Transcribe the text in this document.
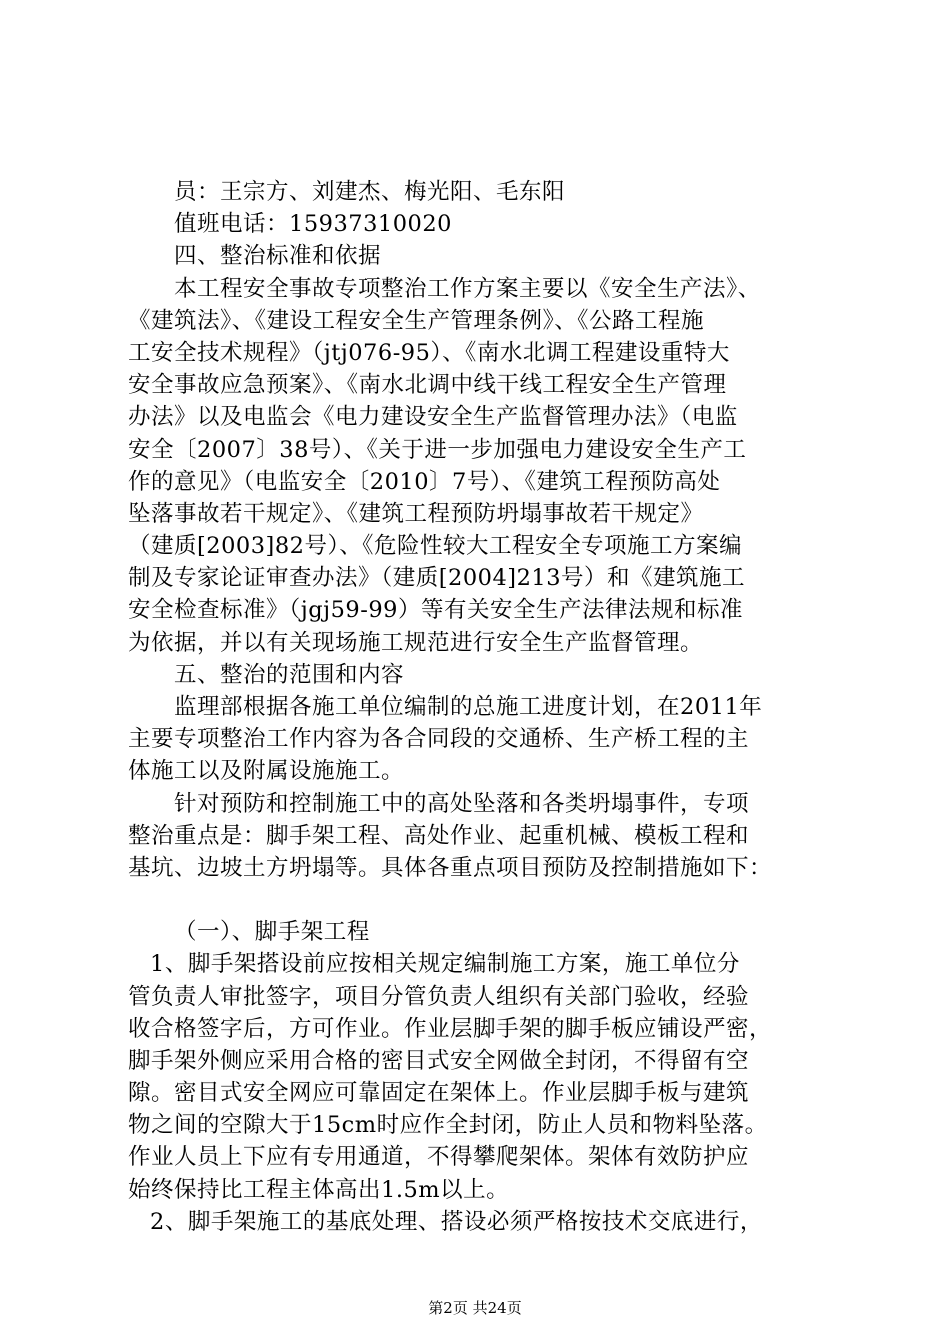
员：王宗方、刘建杰、梅光阳、毛东阳
值班电话：15937310020
四、整治标准和依据
本工程安全事故专项整治工作方案主要以《安全生产法》、
《建筑法》、《建设工程安全生产管理条例》、《公路工程施
工安全技术规程》（jtj076-95）、《南水北调工程建设重特大
安全事故应急预案》、《南水北调中线干线工程安全生产管理
办法》以及电监会《电力建设安全生产监督管理办法》（电监
安全〔2007〕38号）、《关于进一步加强电力建设安全生产工
作的意见》（电监安全〔2010〕7号）、《建筑工程预防高处
坠落事故若干规定》、《建筑工程预防坍塌事故若干规定》
（建质[2003]82号）、《危险性较大工程安全专项施工方案编
制及专家论证审查办法》（建质[2004]213号）和《建筑施工
安全检查标准》（jgj59-99）等有关安全生产法律法规和标准
为依据，并以有关现场施工规范进行安全生产监督管理。
五、整治的范围和内容
监理部根据各施工单位编制的总施工进度计划，在2011年
主要专项整治工作内容为各合同段的交通桥、生产桥工程的主
体施工以及附属设施施工。
针对预防和控制施工中的高处坠落和各类坍塌事件，专项
整治重点是：脚手架工程、高处作业、起重机械、模板工程和
基坑、边坡土方坍塌等。具体各重点项目预防及控制措施如下：
（一）、脚手架工程
1、脚手架搭设前应按相关规定编制施工方案，施工单位分
管负责人审批签字，项目分管负责人组织有关部门验收，经验
收合格签字后，方可作业。作业层脚手架的脚手板应铺设严密，
脚手架外侧应采用合格的密目式安全网做全封闭，不得留有空
隙。密目式安全网应可靠固定在架体上。作业层脚手板与建筑
物之间的空隙大于15cm时应作全封闭，防止人员和物料坠落。
作业人员上下应有专用通道，不得攀爬架体。架体有效防护应
始终保持比工程主体高出1.5m以上。
2、脚手架施工的基底处理、搭设必须严格按技术交底进行，
第2页 共24页
